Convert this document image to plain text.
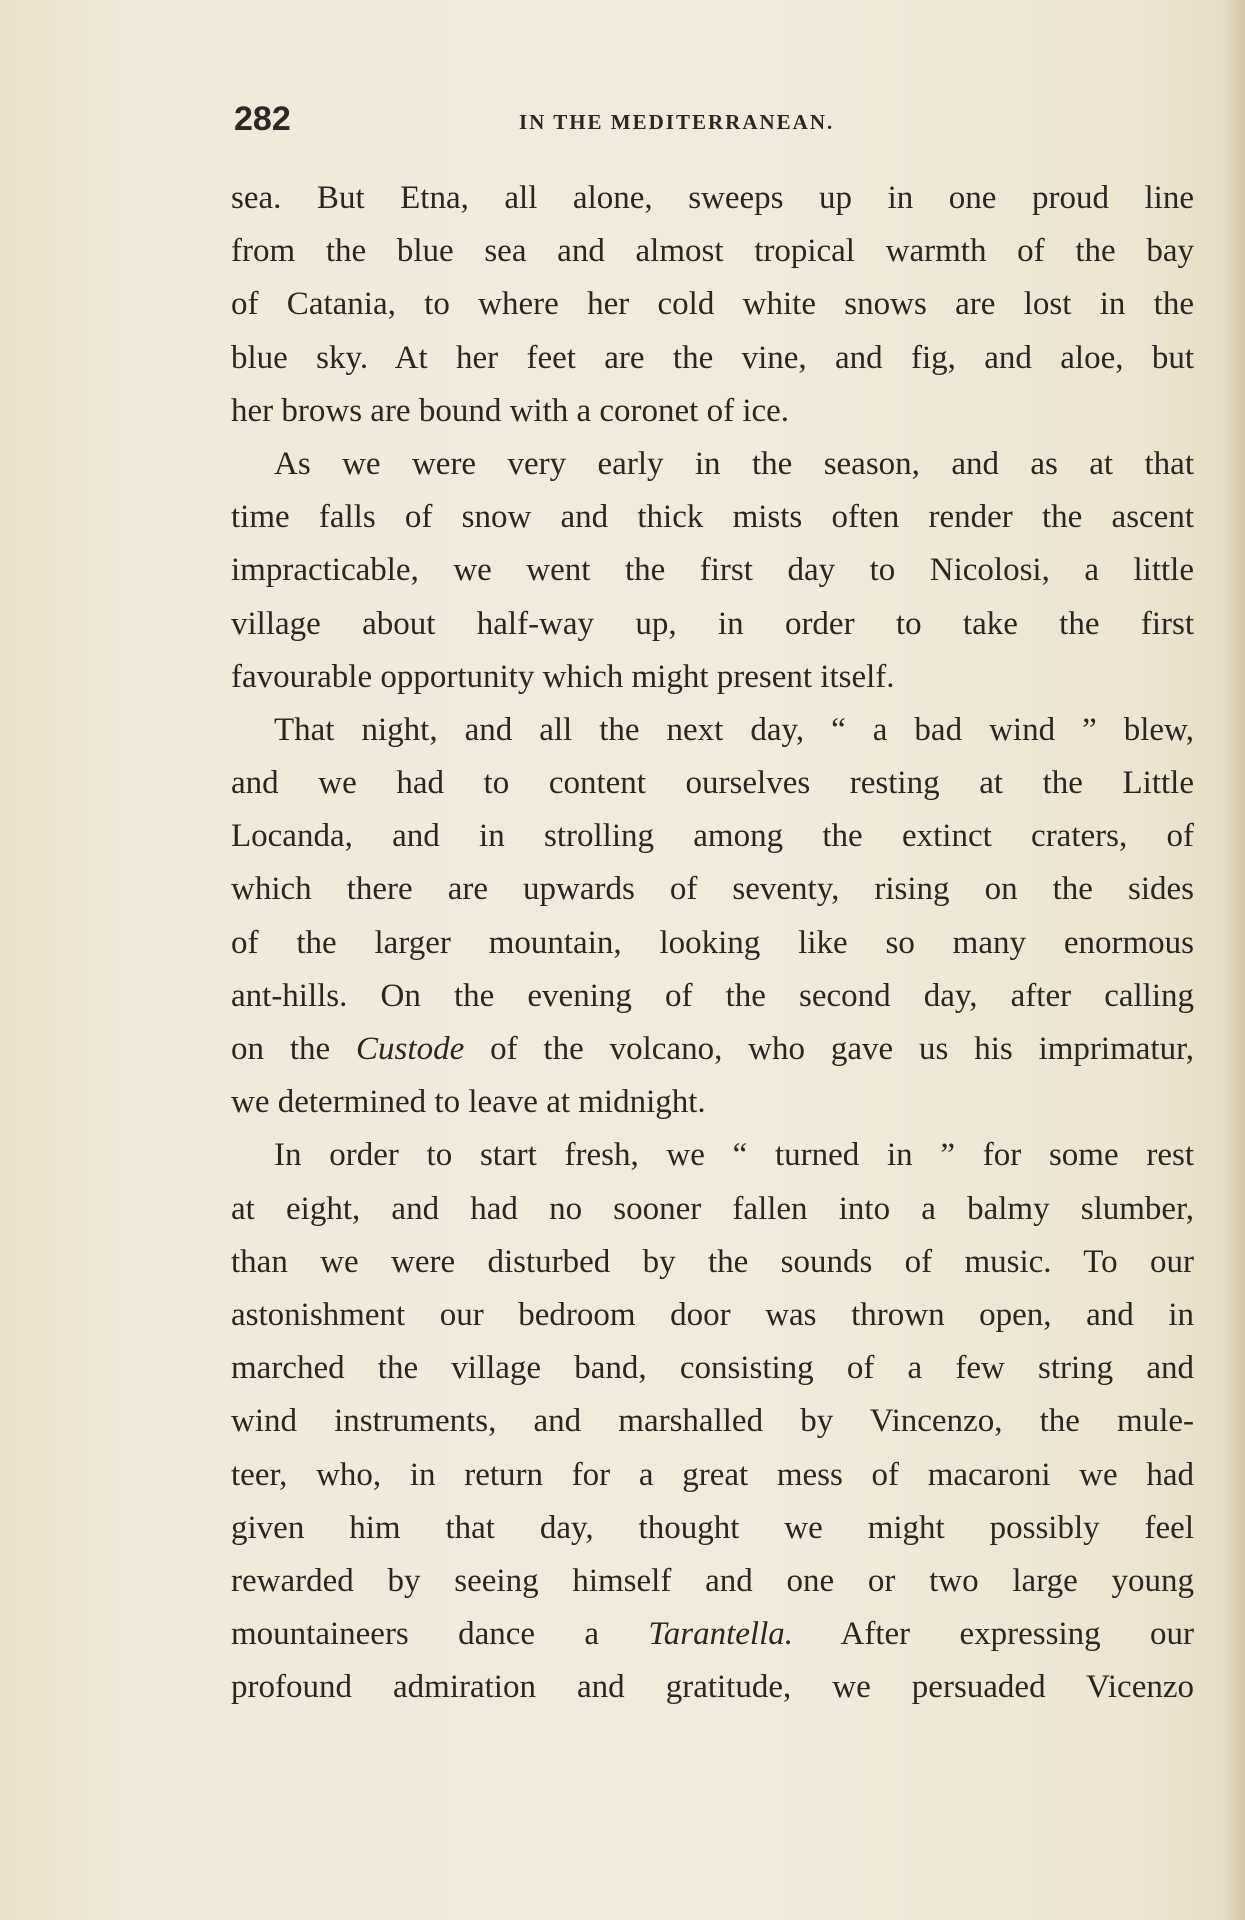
282	IN THE MEDITERRANEAN.
sea. But Etna, all alone, sweeps up in one proud line
from the blue sea and almost tropical warmth of the bay
of Catania, to where her cold white snows are lost in the
blue sky. At her feet are the vine, and fig, and aloe, but
her brows are bound with a coronet of ice.
As we were very early in the season, and as at that
time falls of snow and thick mists often render the ascent
impracticable, we went the first day to Nicolosi, a little
village about half-way up, in order to take the first
favourable opportunity which might present itself.
That night, and all the next day, “ a bad wind ” blew,
and we had to content ourselves resting at the Little
Locanda, and in strolling among the extinct craters, of
which there are upwards of seventy, rising on the sides
of the larger mountain, looking like so many enormous
ant-hills. On the evening of the second day, after calling
on the Custode of the volcano, who gave us his imprimatur,
we determined to leave at midnight.
In order to start fresh, we “ turned in ” for some rest
at eight, and had no sooner fallen into a balmy slumber,
than we were disturbed by the sounds of music. To our
astonishment our bedroom door was thrown open, and in
marched the village band, consisting of a few string and
wind instruments, and marshalled by Vincenzo, the mule-
teer, who, in return for a great mess of macaroni we had
given him that day, thought we might possibly feel
rewarded by seeing himself and one or two large young
mountaineers dance a Tarantella. After expressing our
profound admiration and gratitude, we persuaded Vicenzo
